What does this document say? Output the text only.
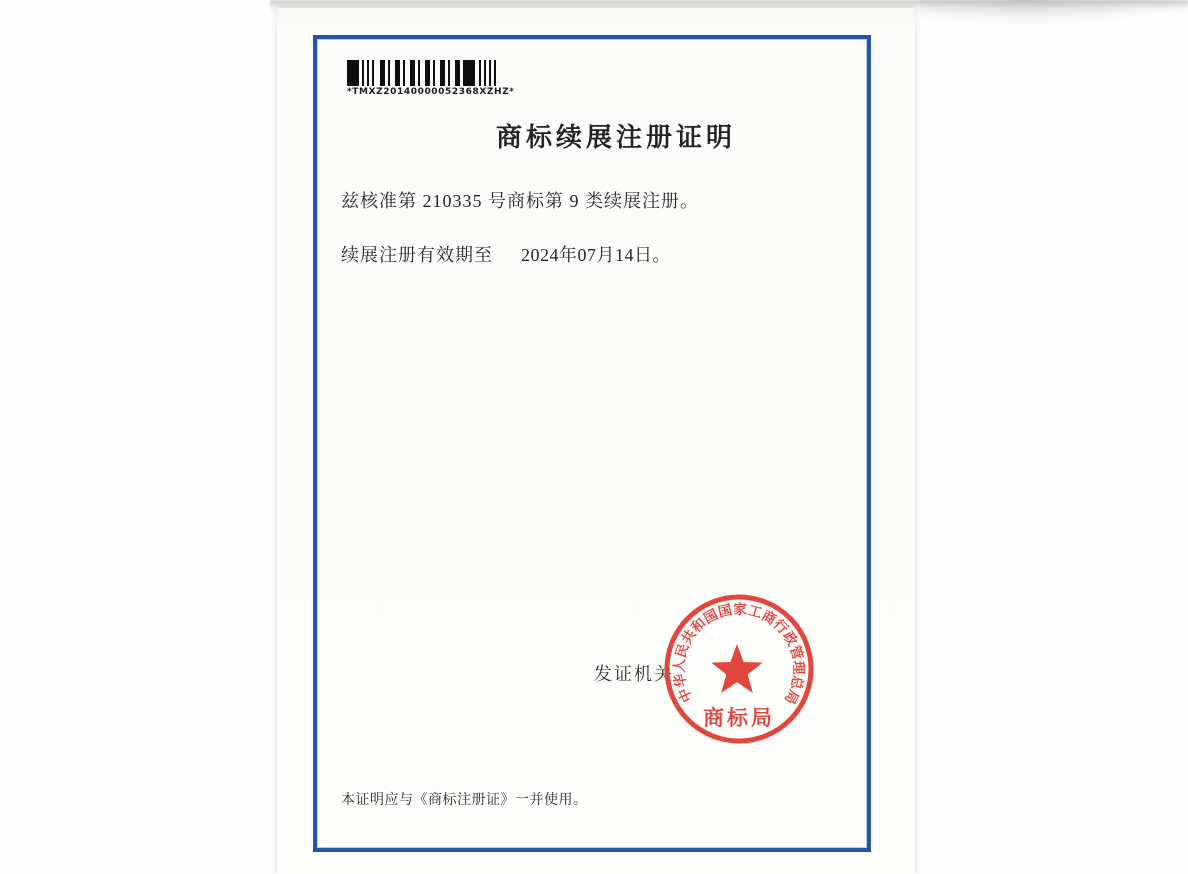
*TMXZ20140000052368XZHZ*
商标续展注册证明

兹核准第 210335 号商标第 9 类续展注册。

续展注册有效期至 2024年07月14日。

发证机关
中华人民共和国国家工商行政管理总局
商标局
本证明应与《商标注册证》一并使用。
